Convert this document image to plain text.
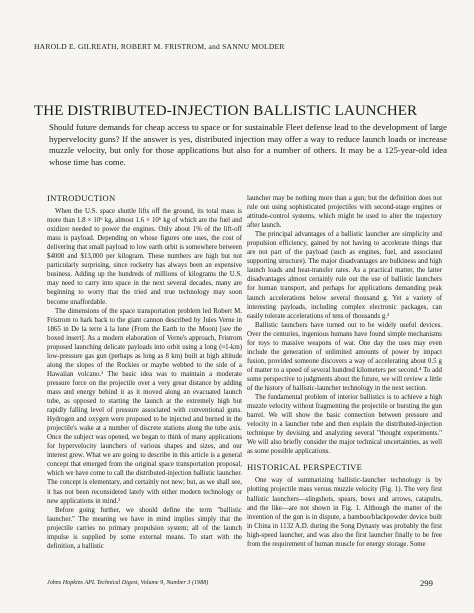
HAROLD E. GILREATH, ROBERT M. FRISTROM, and SANNU MOLDER
THE DISTRIBUTED-INJECTION BALLISTIC LAUNCHER

Should future demands for cheap access to space or for sustainable Fleet defense lead to the development of large hypervelocity guns? If the answer is yes, distributed injection may offer a way to reduce launch loads or increase muzzle velocity, but only for those applications but also for a number of others. It may be a 125-year-old idea whose time has come.

INTRODUCTION

When the U.S. space shuttle lifts off the ground, its total mass is more than 1.8 × 10⁶ kg, almost 1.6 × 10⁶ kg of which are the fuel and oxidizer needed to power the engines. Only about 1% of the lift-off mass is payload. Depending on whose figures one uses, the cost of delivering that small payload to low earth orbit is somewhere between $4000 and $13,000 per kilogram. These numbers are high but not particularly surprising, since rocketry has always been an expensive business. Adding up the hundreds of millions of kilograms the U.S. may need to carry into space in the next several decades, many are beginning to worry that the tried and true technology may soon become unaffordable.

The dimensions of the space transportation problem led Robert M. Fristrom to hark back to the giant cannon described by Jules Verne in 1865 in De la terre à la lune (From the Earth to the Moon) [see the boxed insert]. As a modern elaboration of Verne's approach, Fristrom proposed launching delicate payloads into orbit using a long (≈1-km) low-pressure gas gun (perhaps as long as 8 km) built at high altitude along the slopes of the Rockies or maybe webbed to the side of a Hawaiian volcano.¹ The basic idea was to maintain a moderate pressure force on the projectile over a very great distance by adding mass and energy behind it as it moved along an evacuated launch tube, as opposed to starting the launch at the extremely high but rapidly falling level of pressure associated with conventional guns. Hydrogen and oxygen were proposed to be injected and burned in the projectile's wake at a number of discrete stations along the tube axis. Once the subject was opened, we began to think of many applications for hypervelocity launchers of various shapes and sizes, and our interest grew. What we are going to describe in this article is a general concept that emerged from the original space transportation proposal, which we have come to call the distributed-injection ballistic launcher. The concept is elementary, and certainly not new; but, as we shall see, it has not been reconsidered lately with either modern technology or new applications in mind.²

Before going further, we should define the term "ballistic launcher." The meaning we have in mind implies simply that the projectile carries no primary propulsion system; all of the launch impulse is supplied by some external means. To start with the definition, a ballistic

launcher may be nothing more than a gun; but the definition does not rule out using sophisticated projectiles with second-stage engines or attitude-control systems, which might be used to alter the trajectory after launch.

The principal advantages of a ballistic launcher are simplicity and propulsion efficiency, gained by not having to accelerate things that are not part of the payload (such as engines, fuel, and associated supporting structure). The major disadvantages are bulkiness and high launch loads and heat-transfer rates. As a practical matter, the latter disadvantages almost certainly rule out the use of ballistic launchers for human transport, and perhaps for applications demanding peak launch accelerations below several thousand g. Yet a variety of interesting payloads, including complex electronic packages, can easily tolerate accelerations of tens of thousands g.³

Ballistic launchers have turned out to be widely useful devices. Over the centuries, ingenious humans have found simple mechanisms for toys to massive weapons of war. One day the uses may even include the generation of unlimited amounts of power by impact fusion, provided someone discovers a way of accelerating about 0.5 g of matter to a speed of several hundred kilometers per second.⁴ To add some perspective to judgments about the future, we will review a little of the history of ballistic-launcher technology in the next section.

The fundamental problem of interior ballistics is to achieve a high muzzle velocity without fragmenting the projectile or bursting the gun barrel. We will show the basic connection between pressure and velocity in a launcher tube and then explain the distributed-injection technique by devising and analyzing several "thought experiments." We will also briefly consider the major technical uncertainties, as well as some possible applications.

HISTORICAL PERSPECTIVE

One way of summarizing ballistic-launcher technology is by plotting projectile mass versus muzzle velocity (Fig. 1). The very first ballistic launchers—slingshots, spears, bows and arrows, catapults, and the like—are not shown in Fig. 1. Although the matter of the invention of the gun is in dispute, a bamboo/blackpowder device built in China in 1132 A.D. during the Song Dynasty was probably the first high-speed launcher, and was also the first launcher finally to be free from the requirement of human muscle for energy storage. Some

Johns Hopkins APL Technical Digest, Volume 9, Number 3 (1988)	299
